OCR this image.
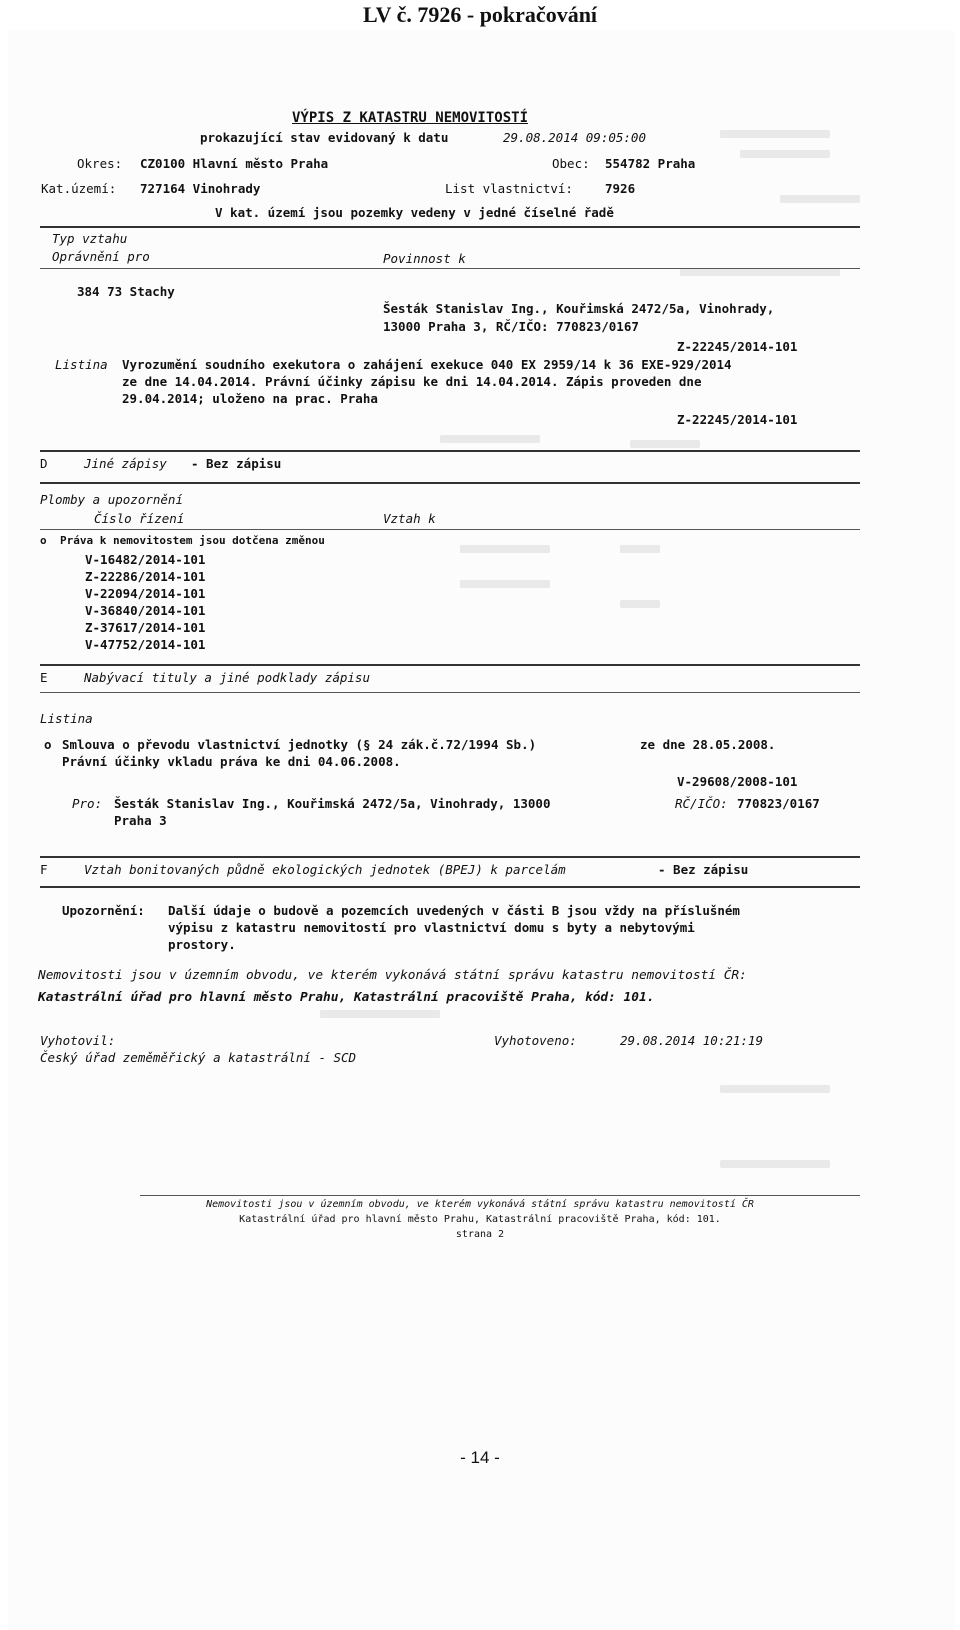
LV č. 7926 - pokračování
VÝPIS Z KATASTRU NEMOVITOSTÍ
prokazující stav evidovaný k datu	29.08.2014 09:05:00
Okres: CZ0100 Hlavní město Praha	Obec: 554782 Praha
Kat.území: 727164 Vinohrady	List vlastnictví:	7926
V kat. území jsou pozemky vedeny v jedné číselné řadě
Typ vztahu
Oprávnění pro	Povinnost k
384 73 Stachy
Šesták Stanislav Ing., Kouřimská 2472/5a, Vinohrady,
13000 Praha 3, RČ/IČO: 770823/0167
Z-22245/2014-101
Listina Vyrozumění soudního exekutora o zahájení exekuce 040 EX 2959/14 k 36 EXE-929/2014
ze dne 14.04.2014. Právní účinky zápisu ke dni 14.04.2014. Zápis proveden dne
29.04.2014; uloženo na prac. Praha
Z-22245/2014-101
D	Jiné zápisy - Bez zápisu
Plomby a upozornění
Číslo řízení	Vztah k
o Práva k nemovitostem jsou dotčena změnou
V-16482/2014-101
Z-22286/2014-101
V-22094/2014-101
V-36840/2014-101
Z-37617/2014-101
V-47752/2014-101
E	Nabývací tituly a jiné podklady zápisu
Listina
o Smlouva o převodu vlastnictví jednotky (§ 24 zák.č.72/1994 Sb.)	ze dne 28.05.2008.
Právní účinky vkladu práva ke dni 04.06.2008.
V-29608/2008-101
Pro: Šesták Stanislav Ing., Kouřimská 2472/5a, Vinohrady, 13000	RČ/IČO: 770823/0167
Praha 3
F	Vztah bonitovaných půdně ekologických jednotek (BPEJ) k parcelám	- Bez zápisu
Upozornění: Další údaje o budově a pozemcích uvedených v části B jsou vždy na příslušném
výpisu z katastru nemovitostí pro vlastnictví domu s byty a nebytovými
prostory.
Nemovitosti jsou v územním obvodu, ve kterém vykonává státní správu katastru nemovitostí ČR:
Katastrální úřad pro hlavní město Prahu, Katastrální pracoviště Praha, kód: 101.
Vyhotovil:
Český úřad zeměměřický a katastrální - SCD
Vyhotoveno:	29.08.2014 10:21:19
Nemovitosti jsou v územním obvodu, ve kterém vykonává státní správu katastru nemovitostí ČR
Katastrální úřad pro hlavní město Prahu, Katastrální pracoviště Praha, kód: 101.
strana 2
- 14 -
